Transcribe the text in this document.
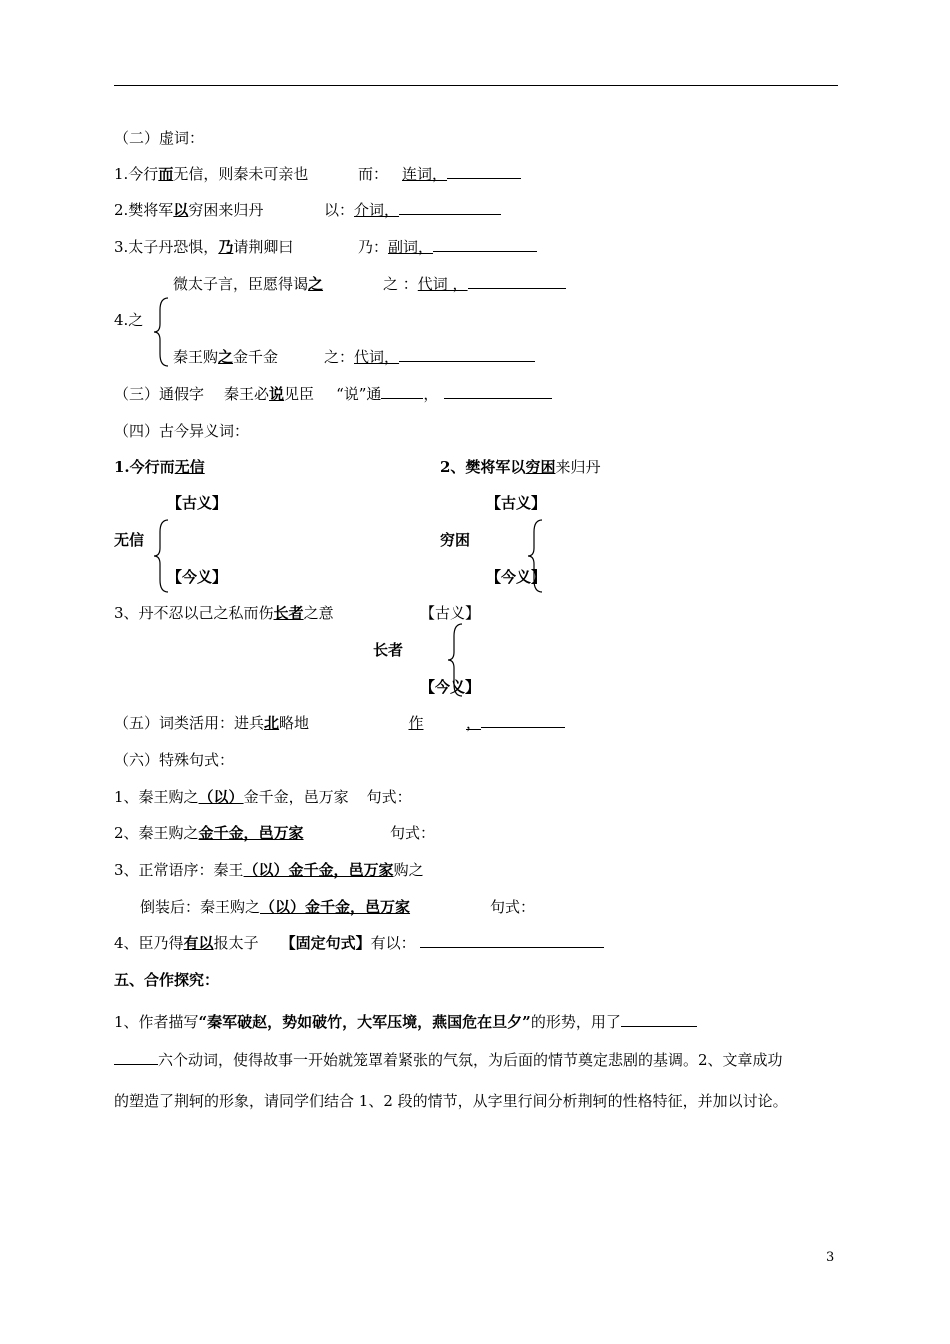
（二）虚词：
1.今行而无信，则秦未可亲也	而： 连词，
2.樊将军以穷困来归丹	以：介词，
3.太子丹恐惧，乃请荆卿曰	乃：副词，
微太子言，臣愿得谒之	之 ：代词 ，
4.之
秦王购之金千金	之：代词，
（三）通假字 秦王必说见臣 “说”通	，
（四）古今异义词：
1.今行而无信	2、樊将军以穷困来归丹
【古义】	【古义】
无信	穷困
【今义】	【今义】
3、丹不忍以己之私而伤长者之意	【古义】
长者
【今义】
（五）词类活用：进兵北略地	作	，
（六）特殊句式：
1、秦王购之（以）金千金，邑万家 句式：
2、秦王购之金千金，邑万家	句式：
3、正常语序：秦王（以）金千金，邑万家购之
倒装后：秦王购之（以）金千金，邑万家	句式：
4、臣乃得有以报太子 【固定句式】有以：
五、合作探究：
1、作者描写“秦军破赵，势如破竹，大军压境，燕国危在旦夕”的形势，用了
六个动词，使得故事一开始就笼罩着紧张的气氛，为后面的情节奠定悲剧的基调。2、文章成功
的塑造了荆轲的形象，请同学们结合 1、2 段的情节，从字里行间分析荆轲的性格特征，并加以讨论。
3
